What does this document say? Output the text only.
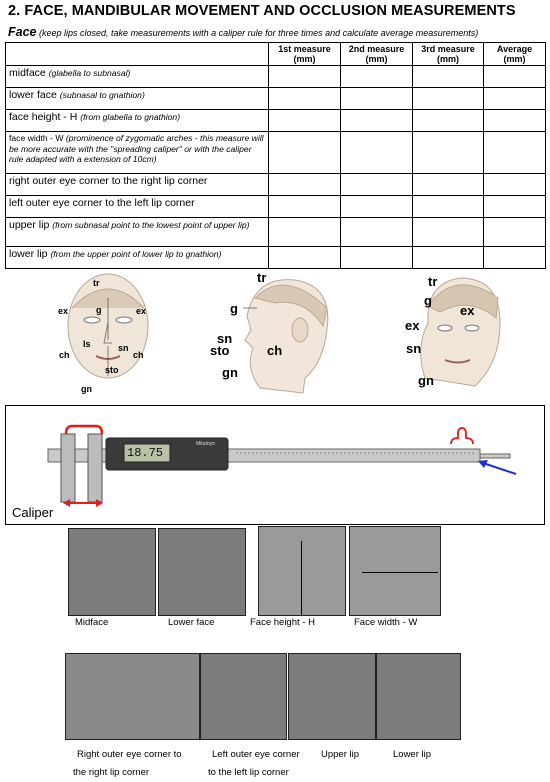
2. FACE, MANDIBULAR MOVEMENT AND OCCLUSION MEASUREMENTS
Face (keep lips closed, take measurements with a caliper rule for three times and calculate average measurements)
	1st measure (mm)	2nd measure (mm)	3rd measure (mm)	Average (mm)
midface (glabella to subnasal)				
lower face (subnasal to gnathion)				
face height - H (from glabella to gnathion)				
face width - W (prominence of zygomatic arches - this measure will be more accurate with the "spreading caliper" or with the caliper rule adapted with a extension of 10cm)				
right outer eye corner to the right lip corner				
left outer eye corner to the left lip corner				
upper lip (from subnasal point to the lowest point of upper lip)				
lower lip (from the upper point of lower lip to gnathion)				
tr
g
ex	ex
ls	sn
ch	ch
sto
gn
tr
g
sn
sto	ch
gn
tr
g
ex
ex
sn
gn
18.75
Mitutoyo
Caliper
Midface	Lower face	Face height - H	Face width - W
Right outer eye corner to
the right lip corner
Left outer eye corner
to the left lip corner
Upper lip	Lower lip
